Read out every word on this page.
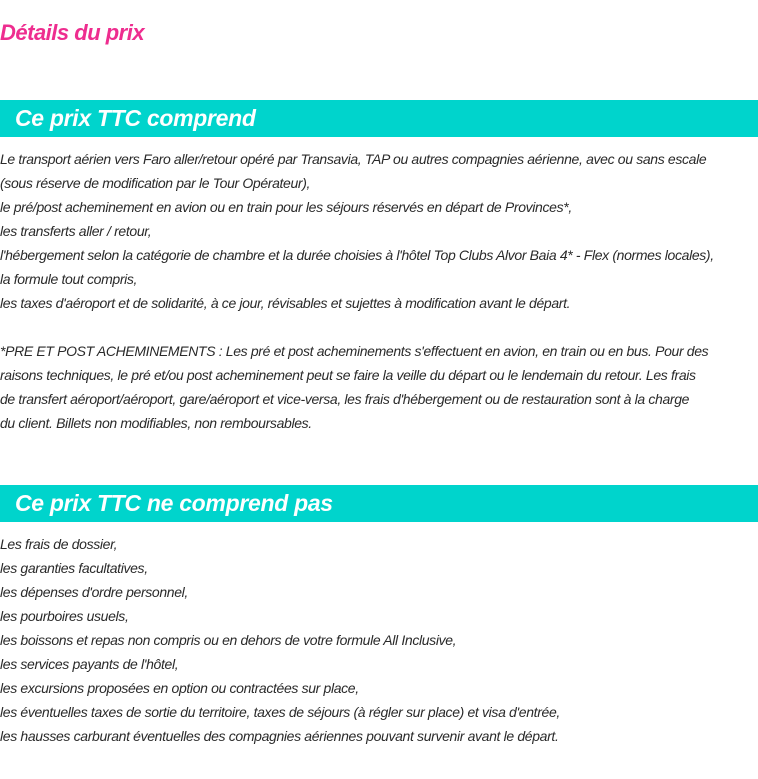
Détails du prix
Ce prix TTC comprend
Le transport aérien vers Faro aller/retour opéré par Transavia, TAP ou autres compagnies aérienne, avec ou sans escale
(sous réserve de modification par le Tour Opérateur),
le pré/post acheminement en avion ou en train pour les séjours réservés en départ de Provinces*,
les transferts aller / retour,
l'hébergement selon la catégorie de chambre et la durée choisies à l'hôtel Top Clubs Alvor Baia 4* - Flex (normes locales),
la formule tout compris,
les taxes d'aéroport et de solidarité, à ce jour, révisables et sujettes à modification avant le départ.
*PRE ET POST ACHEMINEMENTS : Les pré et post acheminements s'effectuent en avion, en train ou en bus. Pour des
raisons techniques, le pré et/ou post acheminement peut se faire la veille du départ ou le lendemain du retour. Les frais
de transfert aéroport/aéroport, gare/aéroport et vice-versa, les frais d'hébergement ou de restauration sont à la charge
du client. Billets non modifiables, non remboursables.
Ce prix TTC ne comprend pas
Les frais de dossier,
les garanties facultatives,
les dépenses d'ordre personnel,
les pourboires usuels,
les boissons et repas non compris ou en dehors de votre formule All Inclusive,
les services payants de l'hôtel,
les excursions proposées en option ou contractées sur place,
les éventuelles taxes de sortie du territoire, taxes de séjours (à régler sur place) et visa d'entrée,
les hausses carburant éventuelles des compagnies aériennes pouvant survenir avant le départ.
